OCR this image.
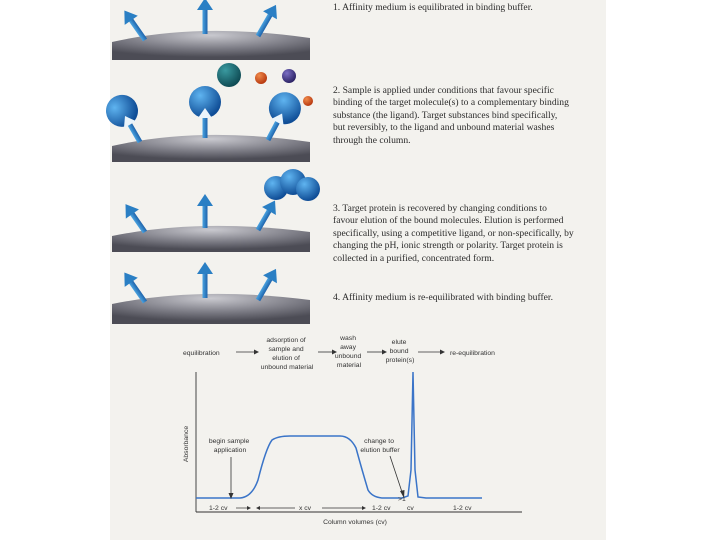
1. Affinity medium is equilibrated in binding buffer.
2. Sample is applied under conditions that favour specific
binding of the target molecule(s) to a complementary binding
substance (the ligand). Target substances bind specifically,
but reversibly, to the ligand and unbound material washes
through the column.
3. Target protein is recovered by changing conditions to
favour elution of the bound molecules. Elution is performed
specifically, using a competitive ligand, or non-specifically, by
changing the pH, ionic strength or polarity. Target protein is
collected in a purified, concentrated form.
4. Affinity medium is re-equilibrated with binding buffer.
equilibration
adsorption of sample and elution of unbound material
wash away unbound material
elute bound protein(s)
re-equilibration
Absorbance	begin sample application
change to elution buffer
1-2 cv	x cv	1-2 cv
>1
cv	1-2 cv
Column volumes (cv)
